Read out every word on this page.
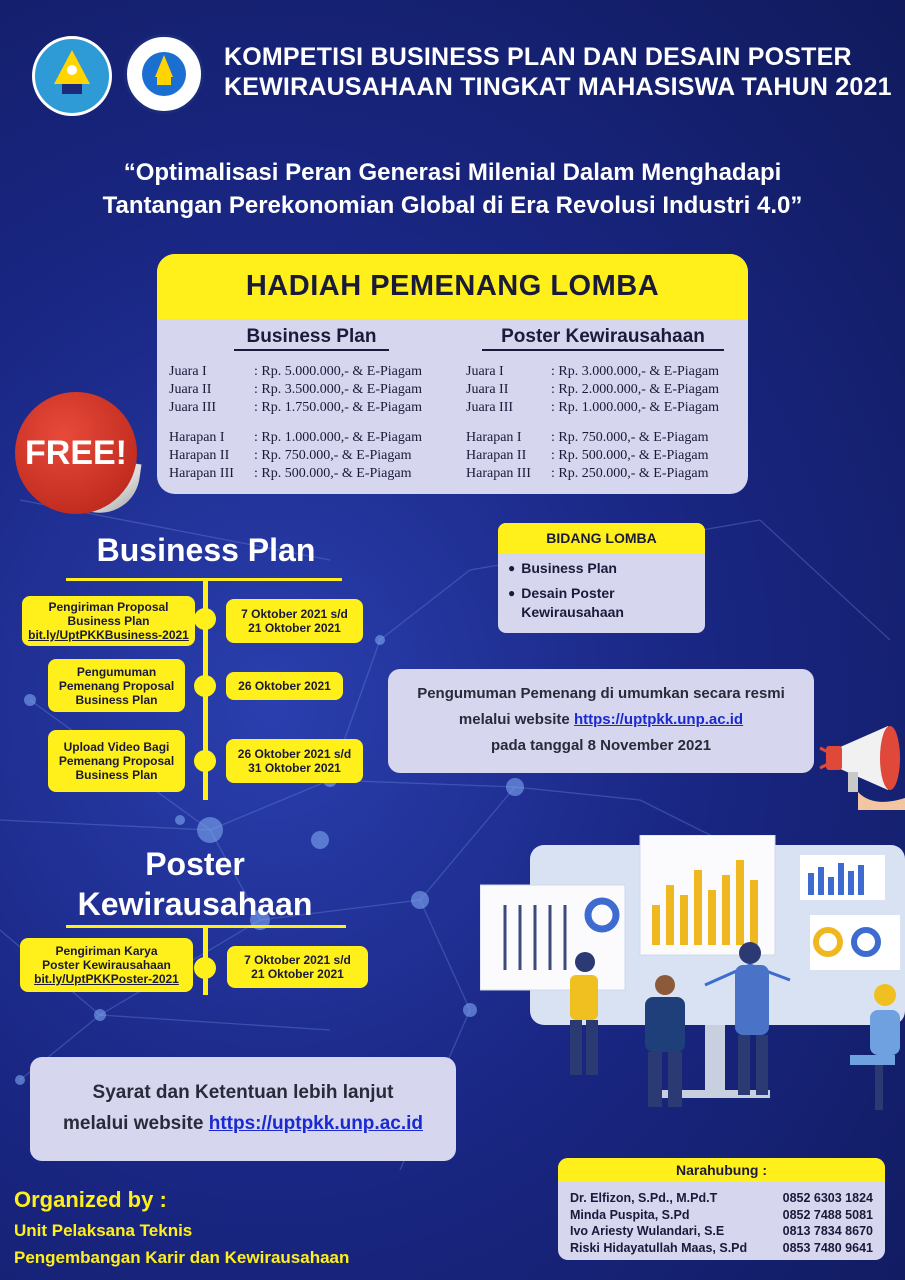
KOMPETISI BUSINESS PLAN DAN DESAIN POSTER
KEWIRAUSAHAAN TINGKAT MAHASISWA TAHUN 2021
“Optimalisasi Peran Generasi Milenial Dalam Menghadapi
Tantangan Perekonomian Global di Era Revolusi Industri 4.0”
HADIAH PEMENANG LOMBA
Business Plan
Juara I	: Rp. 5.000.000,- & E-Piagam
Juara II	: Rp. 3.500.000,- & E-Piagam
Juara III	: Rp. 1.750.000,- & E-Piagam
Harapan I	: Rp. 1.000.000,- & E-Piagam
Harapan II	: Rp. 750.000,- & E-Piagam
Harapan III	: Rp. 500.000,- & E-Piagam
Poster Kewirausahaan
Juara I	: Rp. 3.000.000,- & E-Piagam
Juara II	: Rp. 2.000.000,- & E-Piagam
Juara III	: Rp. 1.000.000,- & E-Piagam
Harapan I	: Rp. 750.000,- & E-Piagam
Harapan II	: Rp. 500.000,- & E-Piagam
Harapan III	: Rp. 250.000,- & E-Piagam
FREE!
Business Plan
Pengiriman Proposal
Business Plan
bit.ly/UptPKKBusiness-2021
7 Oktober 2021 s/d
21 Oktober 2021
Pengumuman
Pemenang Proposal
Business Plan
26 Oktober 2021
Upload Video Bagi
Pemenang Proposal
Business Plan
26 Oktober 2021 s/d
31 Oktober 2021
Poster
Kewirausahaan
Pengiriman Karya
Poster Kewirausahaan
bit.ly/UptPKKPoster-2021
7 Oktober 2021 s/d
21 Oktober 2021
BIDANG LOMBA
● Business Plan
● Desain Poster Kewirausahaan
Pengumuman Pemenang di umumkan secara resmi
melalui website https://uptpkk.unp.ac.id
pada tanggal 8 November 2021
Syarat dan Ketentuan lebih lanjut
melalui website https://uptpkk.unp.ac.id
Narahubung :
Dr. Elfizon, S.Pd., M.Pd.T	0852 6303 1824
Minda Puspita, S.Pd	0852 7488 5081
Ivo Ariesty Wulandari, S.E	0813 7834 8670
Riski Hidayatullah Maas, S.Pd	0853 7480 9641
Organized by :
Unit Pelaksana Teknis
Pengembangan Karir dan Kewirausahaan
